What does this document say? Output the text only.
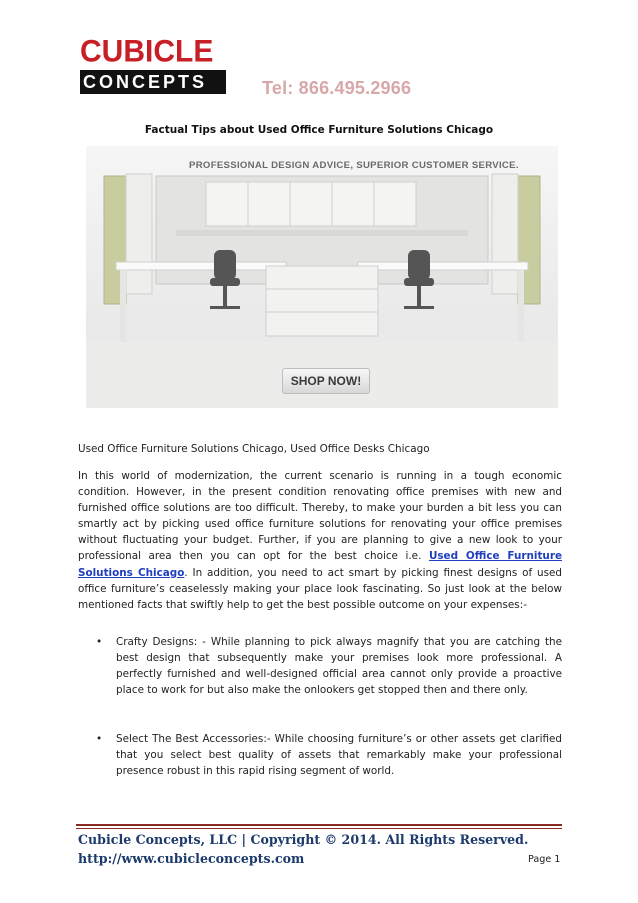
CUBICLE
CONCEPTS	Tel: 866.495.2966
Factual Tips about Used Office Furniture Solutions Chicago
PROFESSIONAL DESIGN ADVICE, SUPERIOR CUSTOMER SERVICE.
SHOP NOW!
Used Office Furniture Solutions Chicago, Used Office Desks Chicago

In this world of modernization, the current scenario is running in a tough economic condition. However, in the present condition renovating office premises with new and furnished office solutions are too difficult. Thereby, to make your burden a bit less you can smartly act by picking used office furniture solutions for renovating your office premises without fluctuating your budget. Further, if you are planning to give a new look to your professional area then you can opt for the best choice i.e. Used Office Furniture Solutions Chicago. In addition, you need to act smart by picking finest designs of used office furniture’s ceaselessly making your place look fascinating. So just look at the below mentioned facts that swiftly help to get the best possible outcome on your expenses:-

• Crafty Designs: - While planning to pick always magnify that you are catching the best design that subsequently make your premises look more professional. A perfectly furnished and well-designed official area cannot only provide a proactive place to work for but also make the onlookers get stopped then and there only.

• Select The Best Accessories:- While choosing furniture’s or other assets get clarified that you select best quality of assets that remarkably make your professional presence robust in this rapid rising segment of world.

Cubicle Concepts, LLC | Copyright © 2014. All Rights Reserved.
http://www.cubicleconcepts.com	Page 1
